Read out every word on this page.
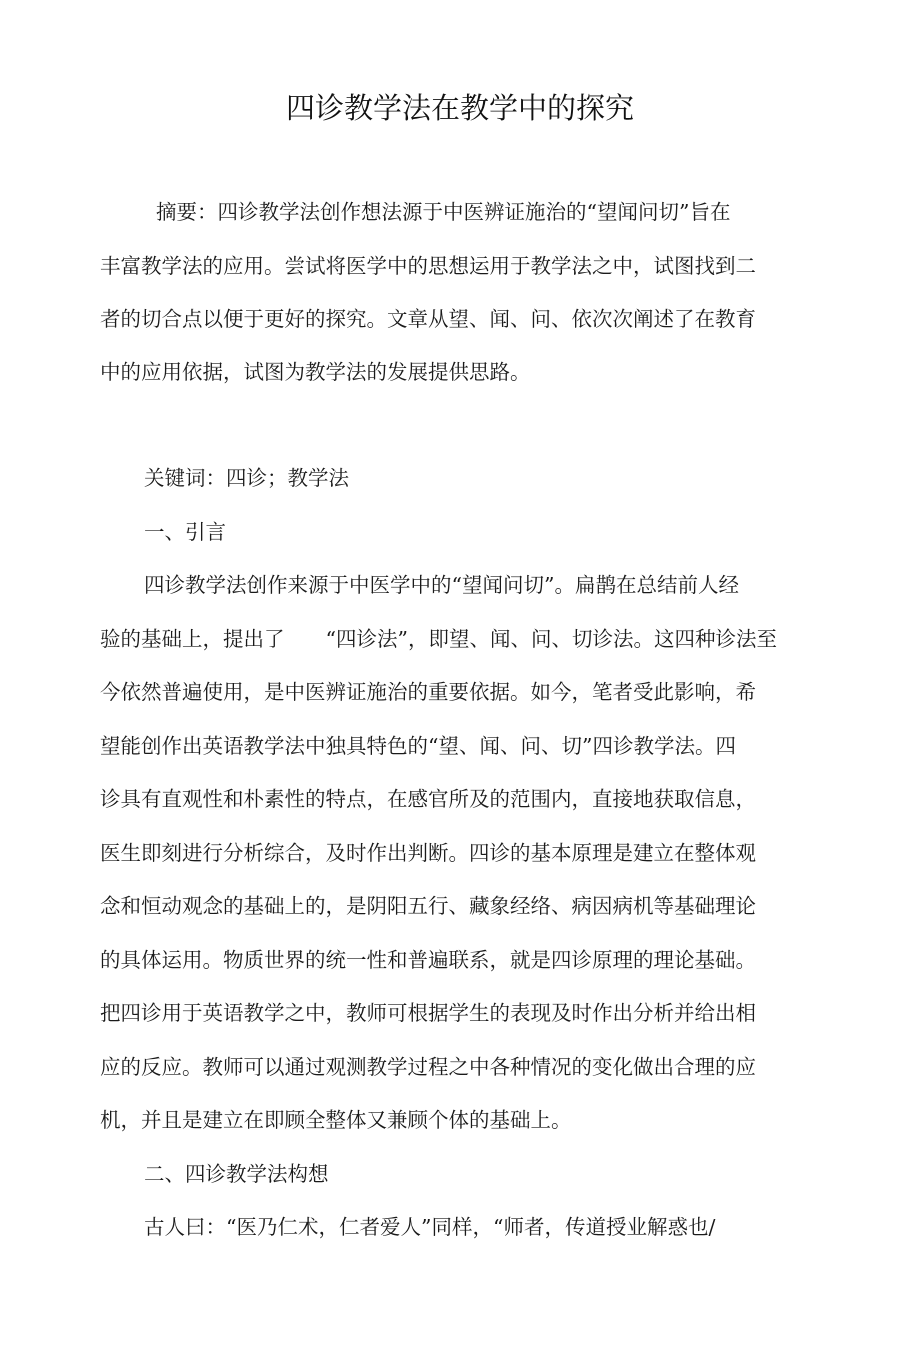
四诊教学法在教学中的探究
摘要：四诊教学法创作想法源于中医辨证施治的“望闻问切”旨在
丰富教学法的应用。尝试将医学中的思想运用于教学法之中，试图找到二
者的切合点以便于更好的探究。文章从望、闻、问、依次次阐述了在教育
中的应用依据，试图为教学法的发展提供思路。
关键词：四诊；教学法
一、引言
四诊教学法创作来源于中医学中的“望闻问切”。扁鹊在总结前人经
验的基础上，提出了　　“四诊法”，即望、闻、问、切诊法。这四种诊法至
今依然普遍使用，是中医辨证施治的重要依据。如今，笔者受此影响，希
望能创作出英语教学法中独具特色的“望、闻、问、切”四诊教学法。四
诊具有直观性和朴素性的特点，在感官所及的范围内，直接地获取信息，
医生即刻进行分析综合，及时作出判断。四诊的基本原理是建立在整体观
念和恒动观念的基础上的，是阴阳五行、藏象经络、病因病机等基础理论
的具体运用。物质世界的统一性和普遍联系，就是四诊原理的理论基础。
把四诊用于英语教学之中，教师可根据学生的表现及时作出分析并给出相
应的反应。教师可以通过观测教学过程之中各种情况的变化做出合理的应
机，并且是建立在即顾全整体又兼顾个体的基础上。
二、四诊教学法构想
古人曰：“医乃仁术，仁者爱人”同样，“师者，传道授业解惑也/
